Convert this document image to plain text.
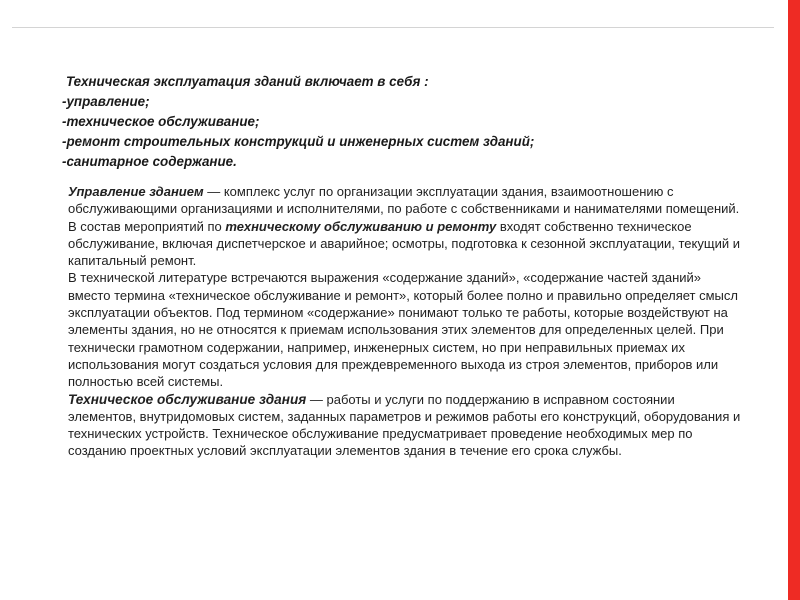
Техническая эксплуатация зданий включает в себя :
-управление;
-техническое обслуживание;
-ремонт строительных конструкций и инженерных систем зданий;
-санитарное содержание.

Управление зданием — комплекс услуг по организации эксплуатации здания, взаимоотношению с обслуживающими организациями и исполнителями, по работе с собственниками и нанимателями помещений.

В состав мероприятий по техническому обслуживанию и ремонту входят собственно техническое обслуживание, включая диспетчерское и аварийное; осмотры, подготовка к сезонной эксплуатации, текущий и капитальный ремонт.

В технической литературе встречаются выражения «содержание зданий», «содержание частей зданий» вместо термина «техническое обслуживание и ремонт», который более полно и правильно определяет смысл эксплуатации объектов. Под термином «содержание» понимают только те работы, которые воздействуют на элементы здания, но не относятся к приемам использования этих элементов для определенных целей. При технически грамотном содержании, например, инженерных систем, но при неправильных приемах их использования могут создаться условия для преждевременного выхода из строя элементов, приборов или полностью всей системы.

Техническое обслуживание здания — работы и услуги по поддержанию в исправном состоянии элементов, внутридомовых систем, заданных параметров и режимов работы его конструкций, оборудования и технических устройств. Техническое обслуживание предусматривает проведение необходимых мер по созданию проектных условий эксплуатации элементов здания в течение его срока службы.
